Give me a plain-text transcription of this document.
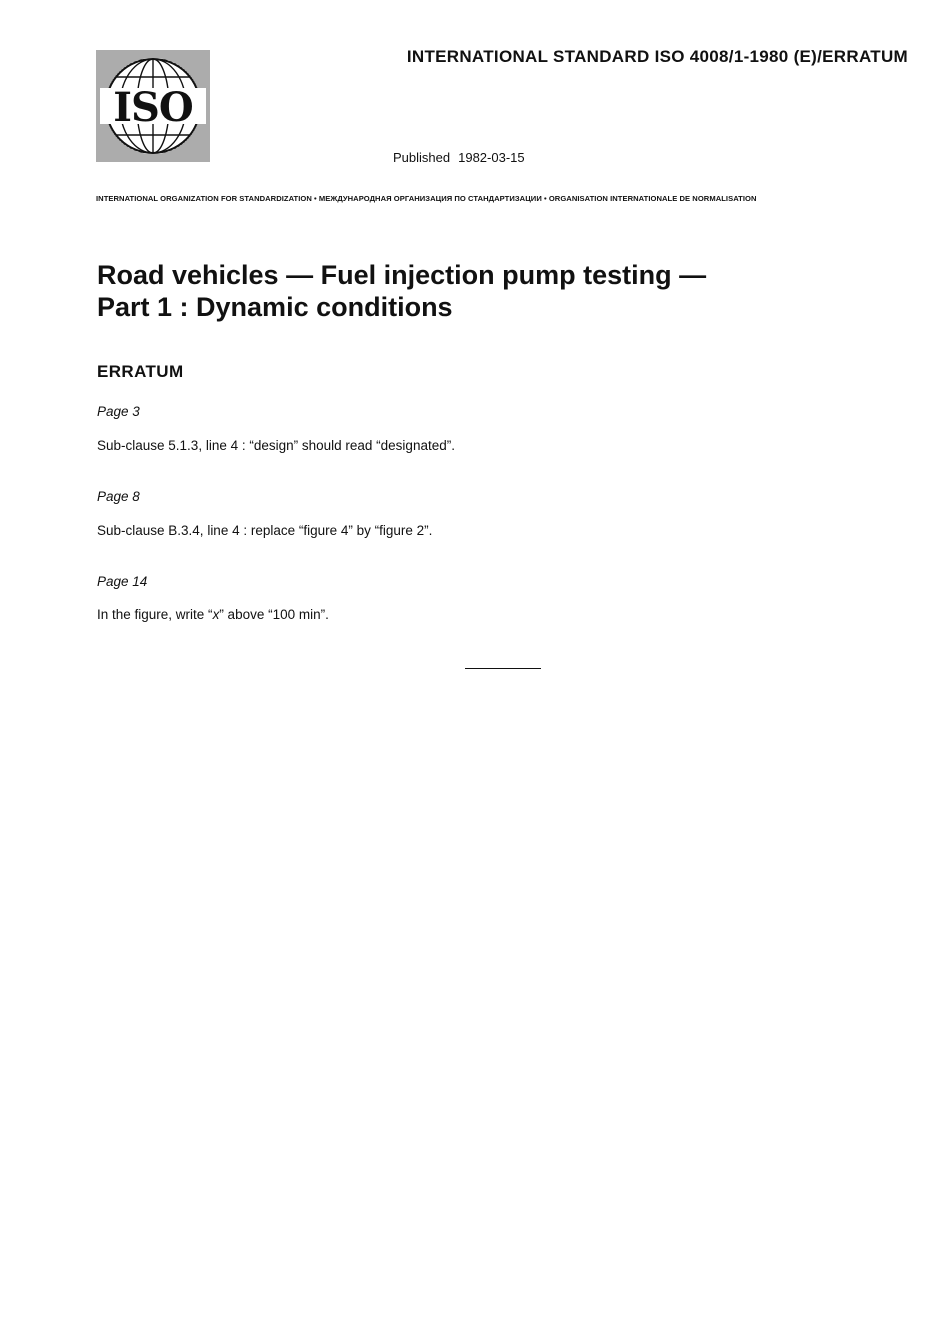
ISO
INTERNATIONAL STANDARD ISO 4008/1-1980 (E)/ERRATUM
Published 1982-03-15
INTERNATIONAL ORGANIZATION FOR STANDARDIZATION • МЕЖДУНАРОДНАЯ ОРГАНИЗАЦИЯ ПО СТАНДАРТИЗАЦИИ • ORGANISATION INTERNATIONALE DE NORMALISATION
Road vehicles — Fuel injection pump testing —
Part 1 : Dynamic conditions
ERRATUM
Page 3
Sub-clause 5.1.3, line 4 : “design” should read “designated”.
Page 8
Sub-clause B.3.4, line 4 : replace “figure 4” by “figure 2”.
Page 14
In the figure, write “x” above “100 min”.
